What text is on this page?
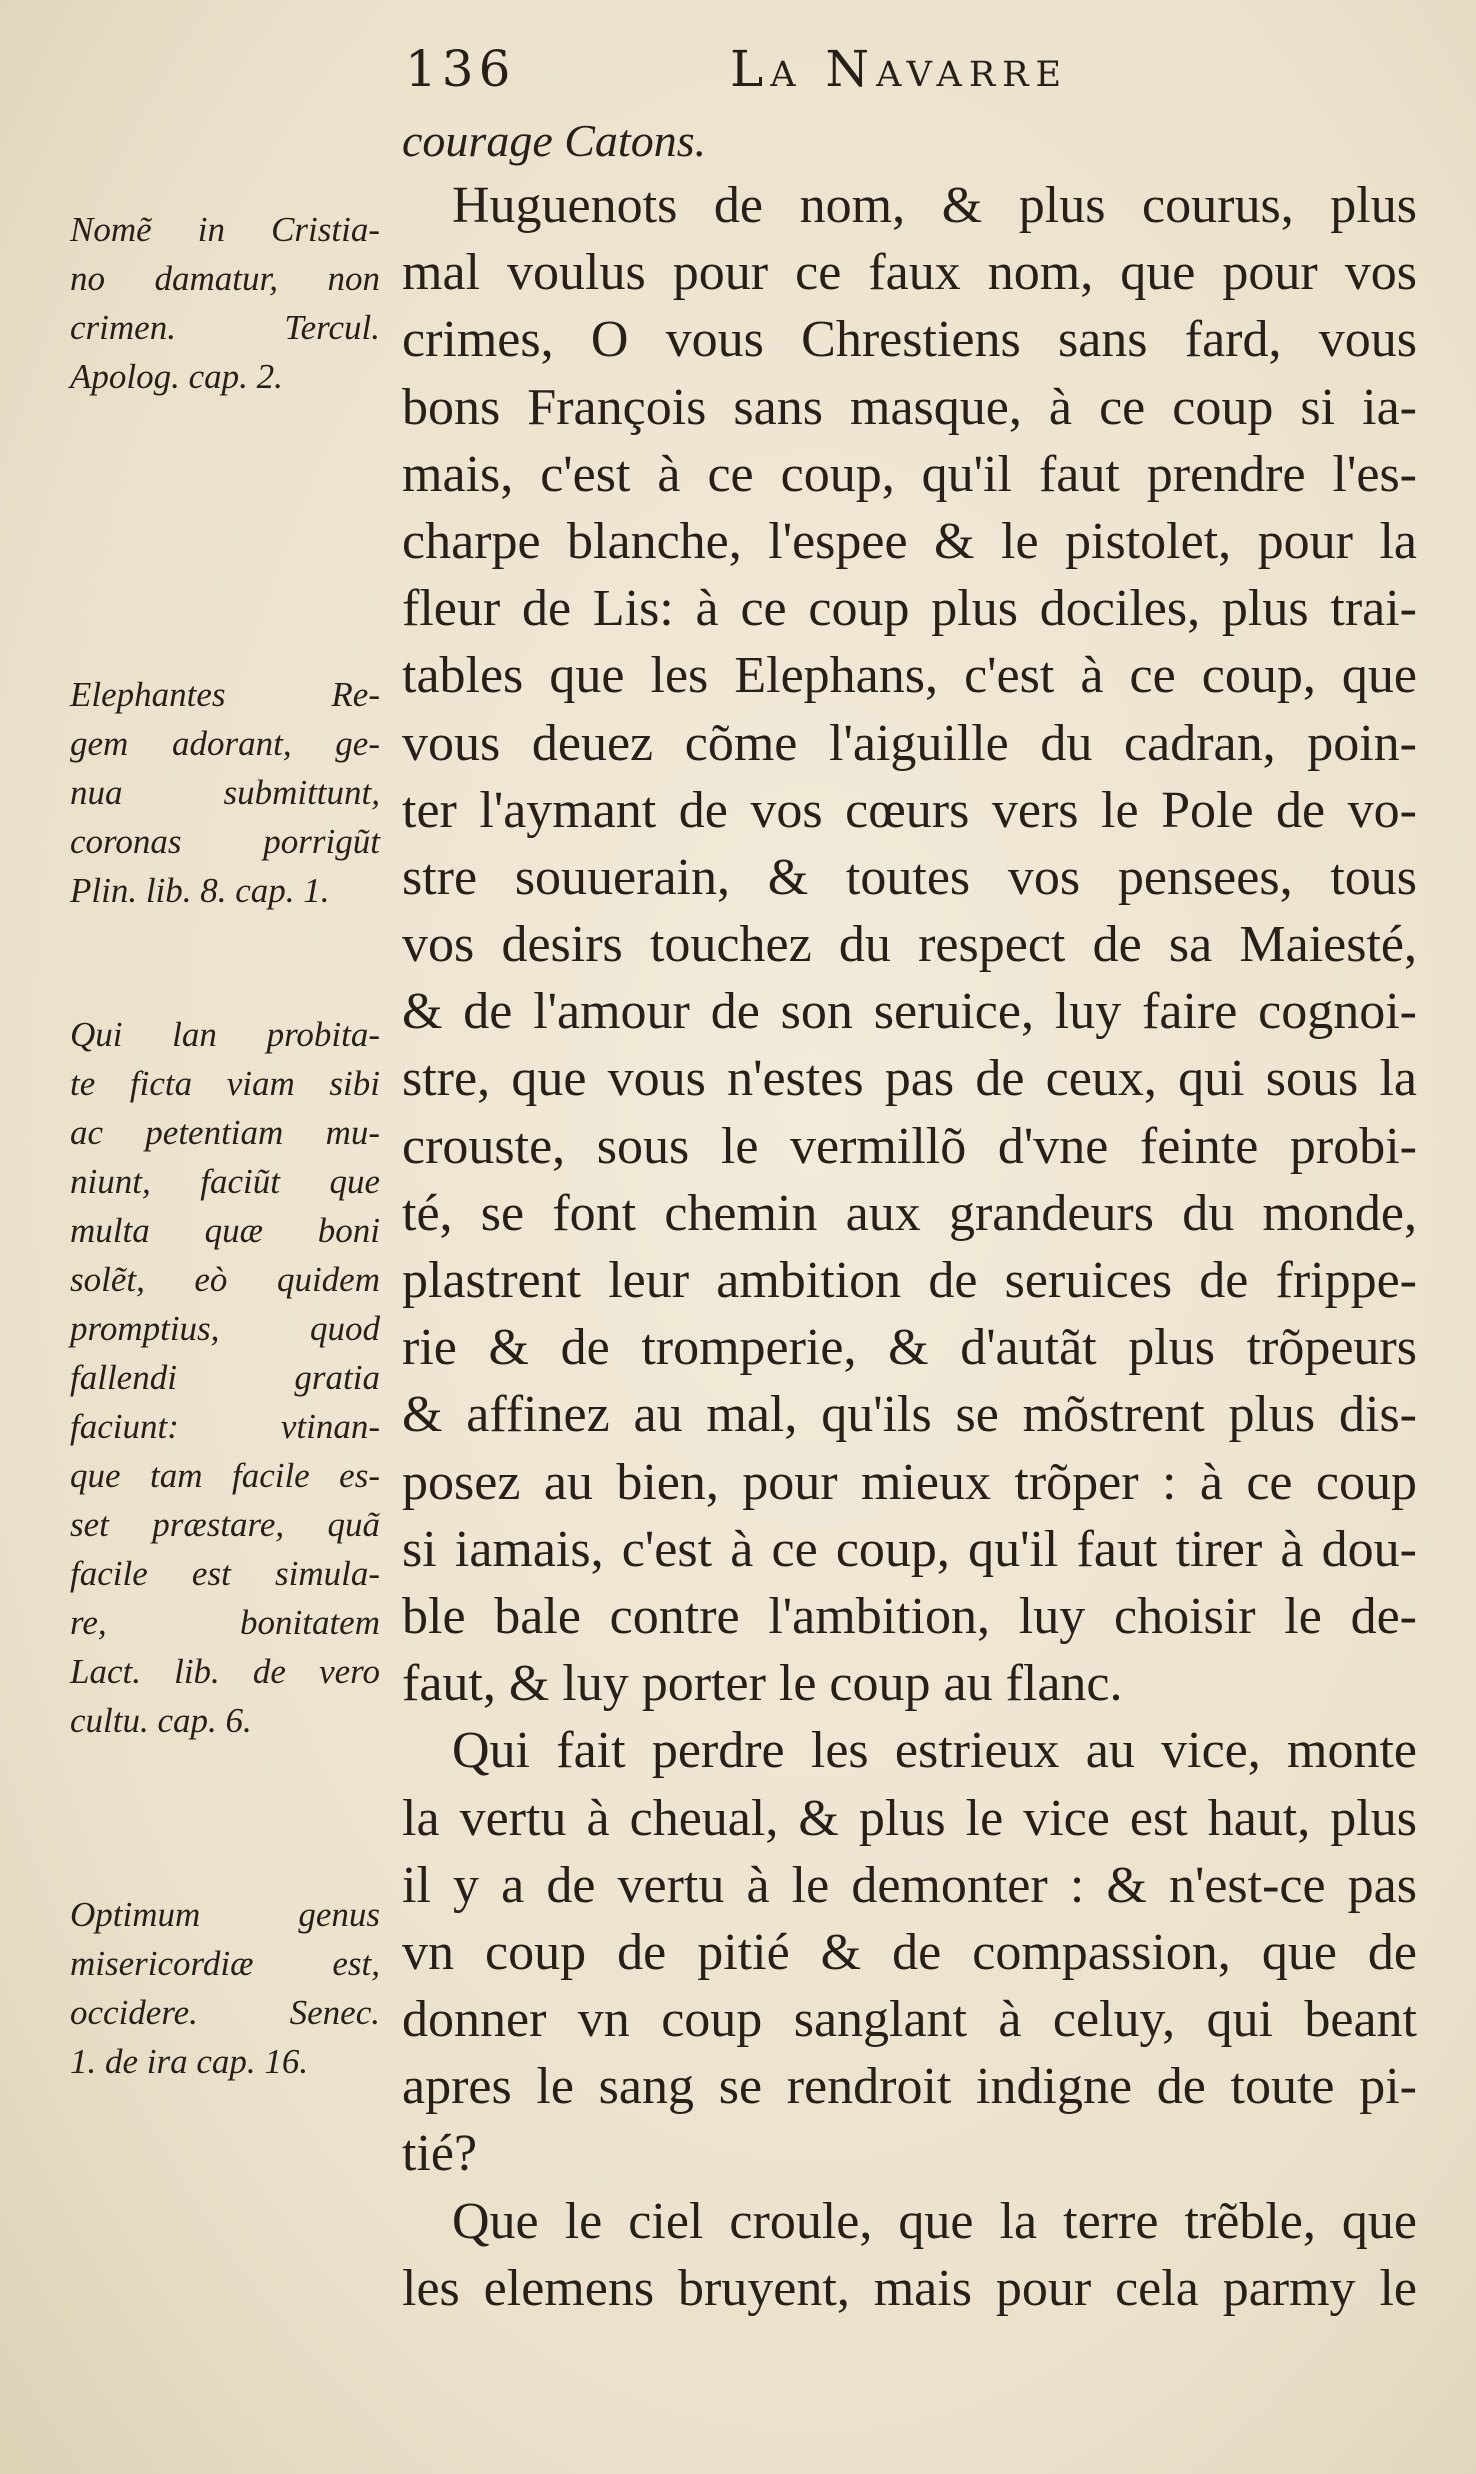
136	La Navarre
courage Catons.
Huguenots de nom, & plus courus, plus
mal voulus pour ce faux nom, que pour vos
crimes, O vous Chrestiens sans fard, vous
bons François sans masque, à ce coup si ia-
mais, c'est à ce coup, qu'il faut prendre l'es-
charpe blanche, l'espee & le pistolet, pour la
fleur de Lis: à ce coup plus dociles, plus trai-
tables que les Elephans, c'est à ce coup, que
vous deuez cõme l'aiguille du cadran, poin-
ter l'aymant de vos cœurs vers le Pole de vo-
stre souuerain, & toutes vos pensees, tous
vos desirs touchez du respect de sa Maiesté,
& de l'amour de son seruice, luy faire cognoi-
stre, que vous n'estes pas de ceux, qui sous la
crouste, sous le vermillõ d'vne feinte probi-
té, se font chemin aux grandeurs du monde,
plastrent leur ambition de seruices de frippe-
rie & de tromperie, & d'autãt plus trõpeurs
& affinez au mal, qu'ils se mõstrent plus dis-
posez au bien, pour mieux trõper : à ce coup
si iamais, c'est à ce coup, qu'il faut tirer à dou-
ble bale contre l'ambition, luy choisir le de-
faut, & luy porter le coup au flanc.
Qui fait perdre les estrieux au vice, monte
la vertu à cheual, & plus le vice est haut, plus
il y a de vertu à le demonter : & n'est-ce pas
vn coup de pitié & de compassion, que de
donner vn coup sanglant à celuy, qui beant
apres le sang se rendroit indigne de toute pi-
tié?
Que le ciel croule, que la terre trẽble, que
les elemens bruyent, mais pour cela parmy le
Nomẽ in Cristia-
no damatur, non
crimen. Tercul.
Apolog. cap. 2.
Elephantes Re-
gem adorant, ge-
nua submittunt,
coronas porrigũt
Plin. lib. 8. cap. 1.
Qui lan probita-
te ficta viam sibi
ac petentiam mu-
niunt, faciũt que
multa quæ boni
solẽt, eò quidem
promptius, quod
fallendi gratia
faciunt: vtinan-
que tam facile es-
set præstare, quã
facile est simula-
re, bonitatem
Lact. lib. de vero
cultu. cap. 6.
Optimum genus
misericordiæ est,
occidere. Senec.
1. de ira cap. 16.
